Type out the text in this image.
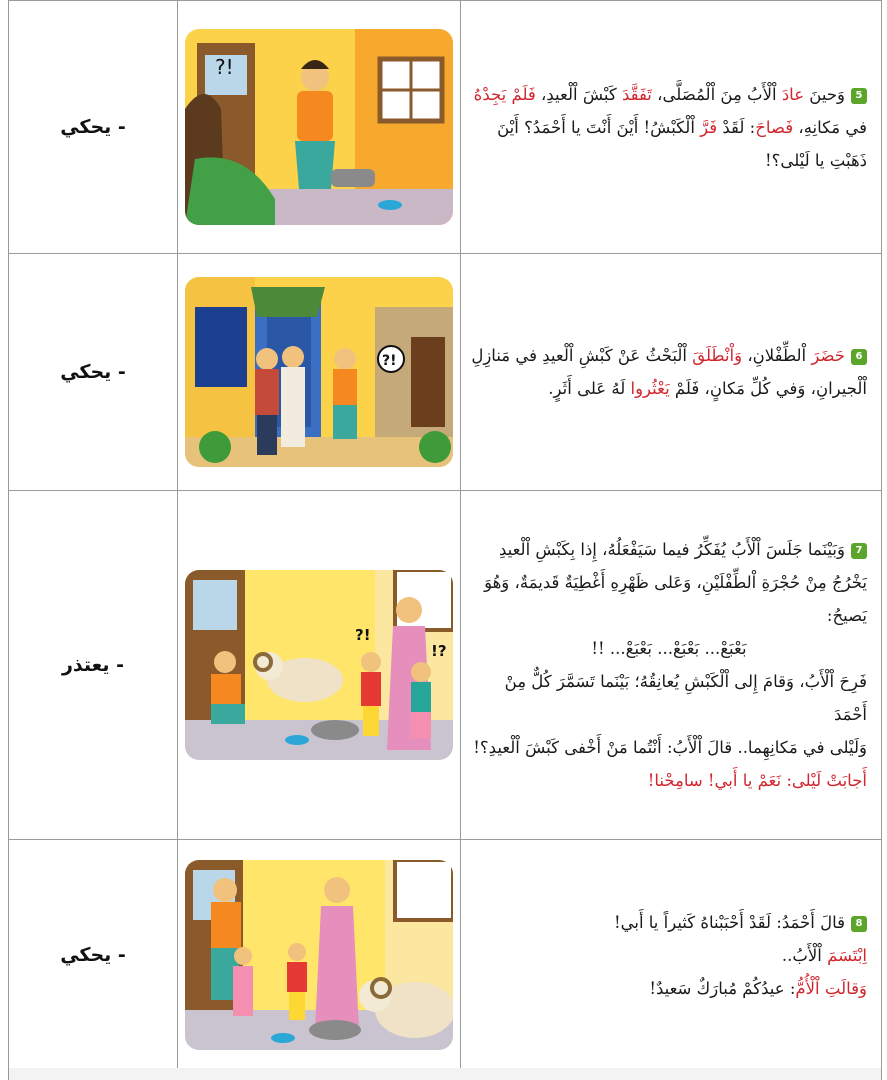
- يحكي
?!

5وَحينَ عادَ اْلْأَبُ مِنَ اْلْمُصَلَّى، تَفَقَّدَ كَبْشَ اْلْعيدِ، فَلَمْ يَجِدْهُ

في مَكانِهِ، فَصاحَ: لَقَدْ فَرَّ اْلْكَبْشُ! أَيْنَ أَنْتَ يا أَحْمَدُ؟ أَيْنَ

ذَهَبْتِ يا لَيْلى؟!

- يحكي	?!	6حَضَرَ اْلطِّفْلانِ، وَاْنْطَلَقَ اْلْبَحْثُ عَنْ كَبْشِ اْلْعيدِ في مَنازِلِ

اْلْجيرانِ، وَفي كُلِّ مَكانٍ، فَلَمْ يَعْثُروا لَهُ عَلى أَثَرٍ.

- يعتذر
?!
!?

7وَبَيْنَما جَلَسَ اْلْأَبُ يُفَكِّرُ فيما سَيَفْعَلُهُ، إِذا بِكَبْشِ اْلْعيدِ

يَخْرُجُ مِنْ حُجْرَةِ اْلطِّفْلَيْنِ، وَعَلى ظَهْرِهِ أَغْطِيَةٌ قَديمَةٌ، وَهُوَ

يَصيحُ:

بَعْبَعْ... بَعْبَعْ... بَعْبَعْ... !!

فَرِحَ اْلْأَبُ، وَقامَ إِلى اْلْكَبْشِ يُعانِقُهُ؛ بَيْنَما تَسَمَّرَ كُلٌّ مِنْ أَحْمَدَ

وَلَيْلى في مَكانِهِما.. قالَ اْلْأَبُ: أَنْتُما مَنْ أَخْفى كَبْشَ اْلْعيدِ؟!

أَجابَتْ لَيْلى: نَعَمْ يا أَبي! سامِحْنا!

- يحكي

8قالَ أَحْمَدُ: لَقَدْ أَحْبَبْناهُ كَثيراً يا أَبي!

اِبْتَسَمَ اْلْأَبُ..

وَقالَتِ اْلْأُمُّ: عيدُكُمْ مُبارَكٌ سَعيدٌ!
